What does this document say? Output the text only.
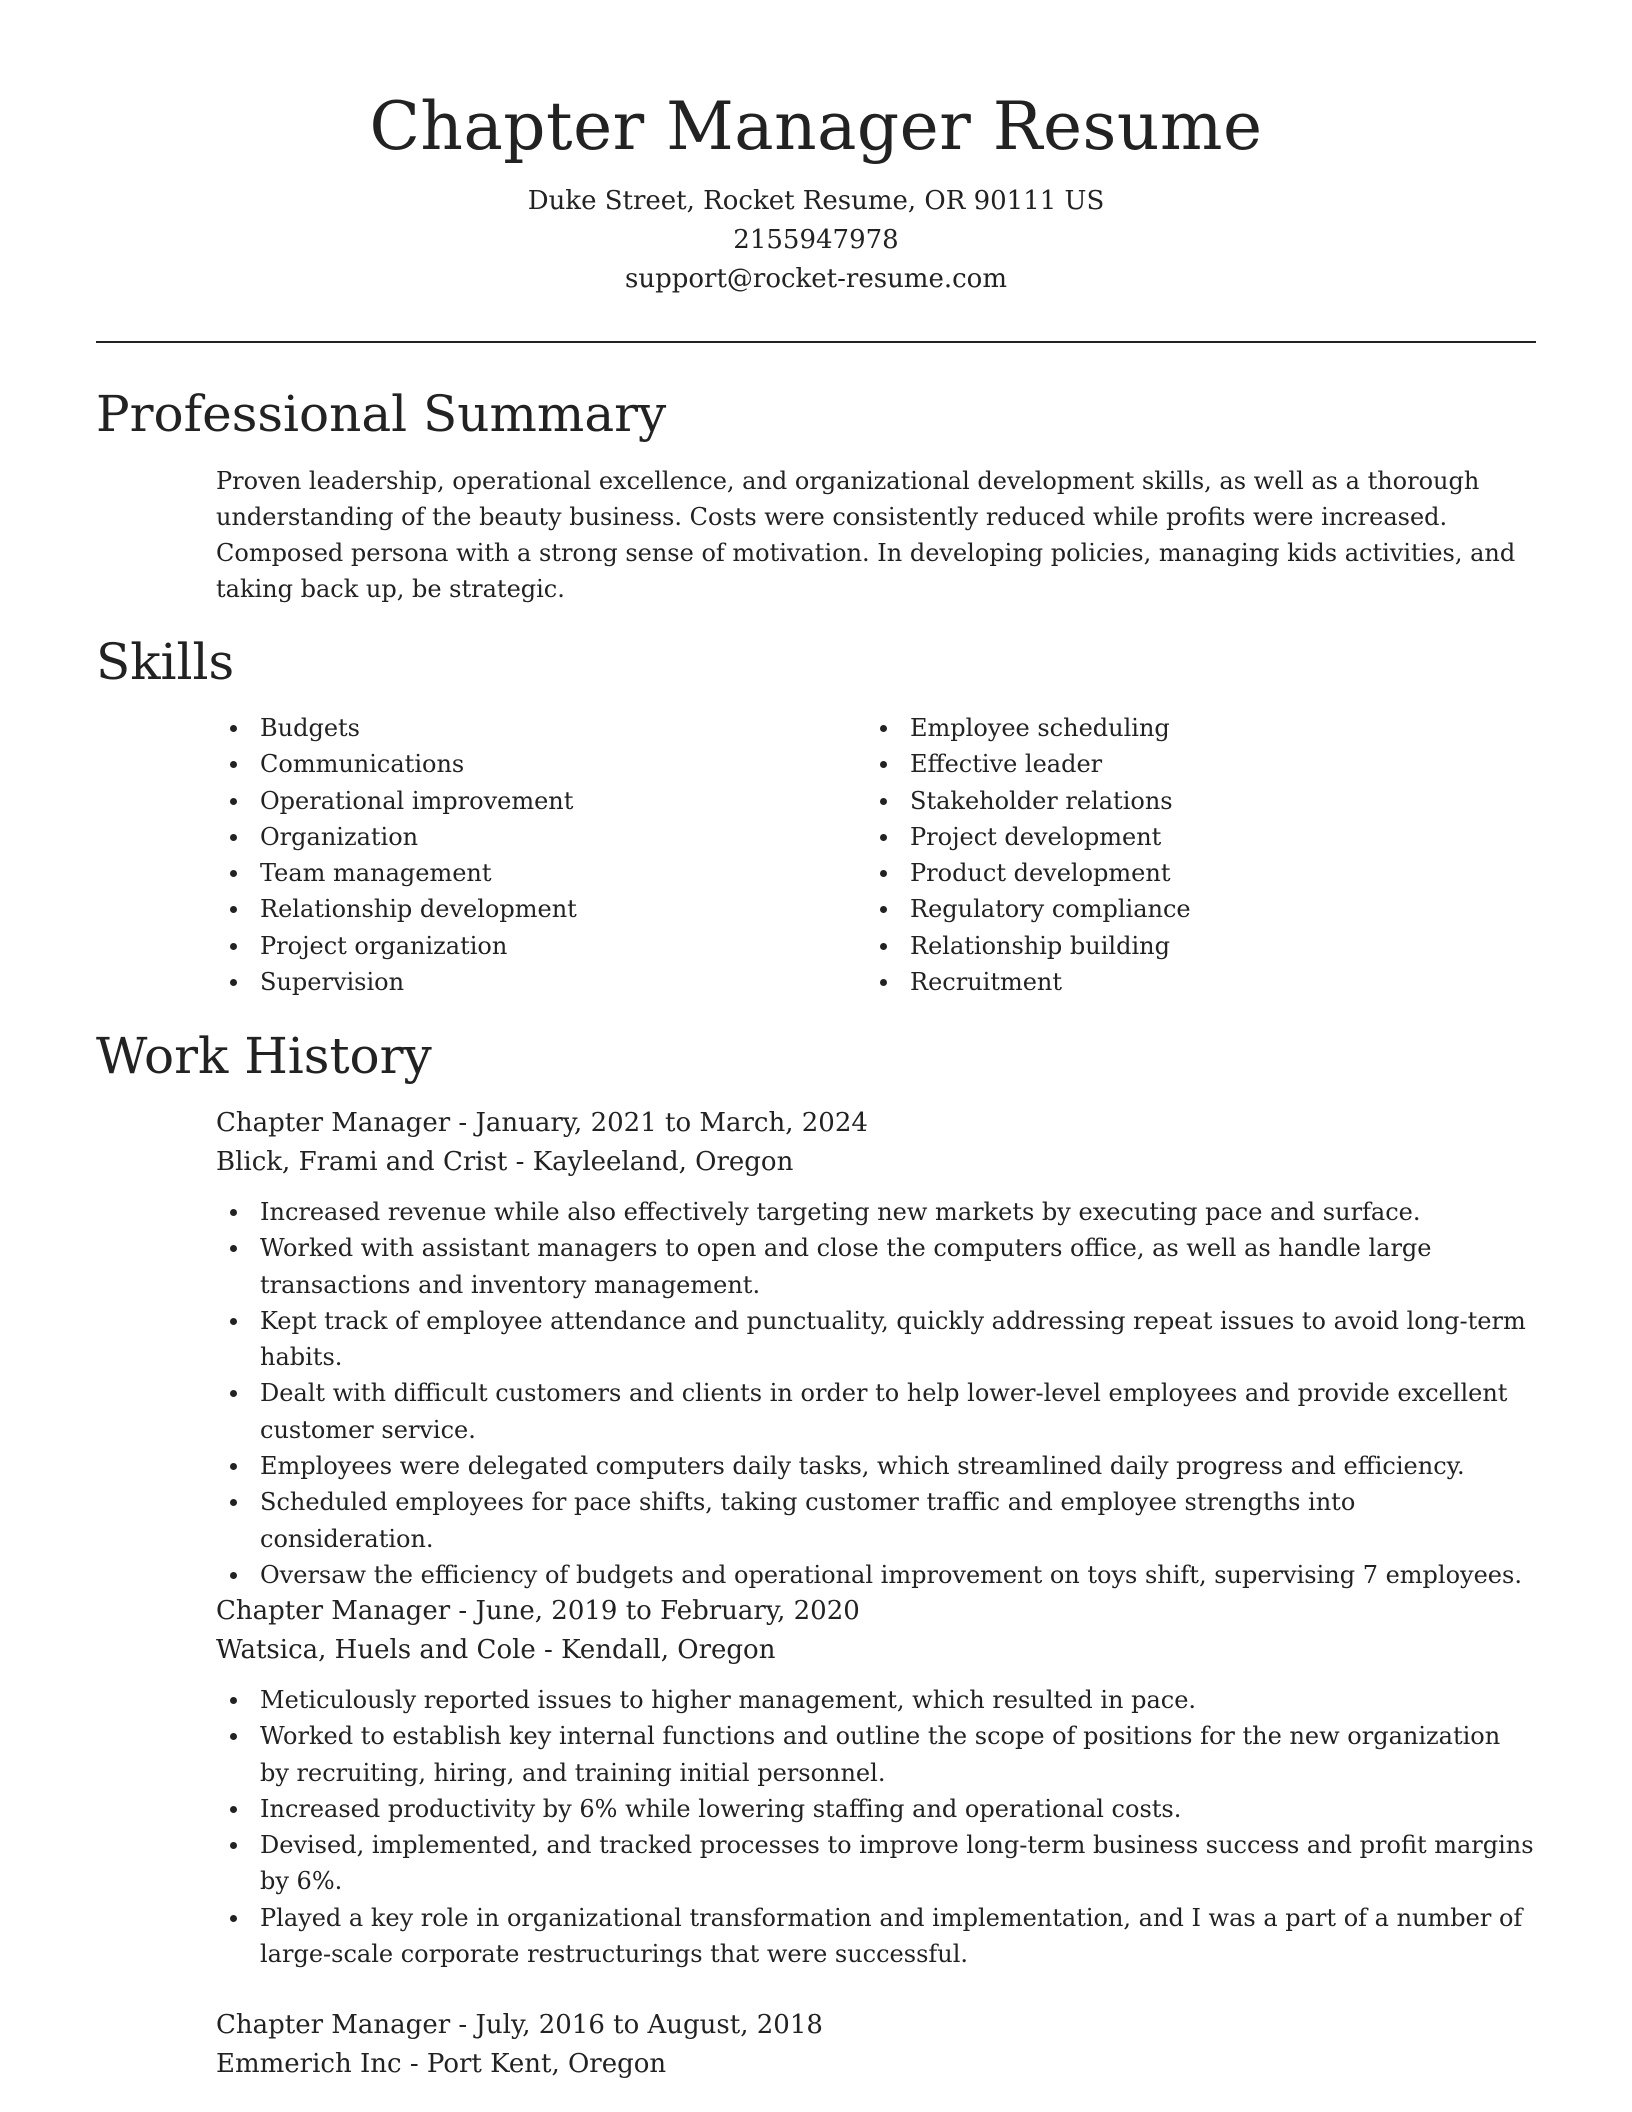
Chapter Manager Resume
Duke Street, Rocket Resume, OR 90111 US
2155947978
support@rocket-resume.com
Professional Summary

Proven leadership, operational excellence, and organizational development skills, as well as a thorough understanding of the beauty business. Costs were consistently reduced while profits were increased. Composed persona with a strong sense of motivation. In developing policies, managing kids activities, and taking back up, be strategic.

Skills
Budgets
Communications
Operational improvement
Organization
Team management
Relationship development
Project organization
Supervision
Employee scheduling
Effective leader
Stakeholder relations
Project development
Product development
Regulatory compliance
Relationship building
Recruitment
Work History
Chapter Manager - January, 2021 to March, 2024
Blick, Frami and Crist - Kayleeland, Oregon
Increased revenue while also effectively targeting new markets by executing pace and surface.
Worked with assistant managers to open and close the computers office, as well as handle large transactions and inventory management.
Kept track of employee attendance and punctuality, quickly addressing repeat issues to avoid long-term habits.
Dealt with difficult customers and clients in order to help lower-level employees and provide excellent customer service.
Employees were delegated computers daily tasks, which streamlined daily progress and efficiency.
Scheduled employees for pace shifts, taking customer traffic and employee strengths into consideration.
Oversaw the efficiency of budgets and operational improvement on toys shift, supervising 7 employees.
Chapter Manager - June, 2019 to February, 2020
Watsica, Huels and Cole - Kendall, Oregon
Meticulously reported issues to higher management, which resulted in pace.
Worked to establish key internal functions and outline the scope of positions for the new organization by recruiting, hiring, and training initial personnel.
Increased productivity by 6% while lowering staffing and operational costs.
Devised, implemented, and tracked processes to improve long-term business success and profit margins by 6%.
Played a key role in organizational transformation and implementation, and I was a part of a number of large-scale corporate restructurings that were successful.
Chapter Manager - July, 2016 to August, 2018
Emmerich Inc - Port Kent, Oregon
